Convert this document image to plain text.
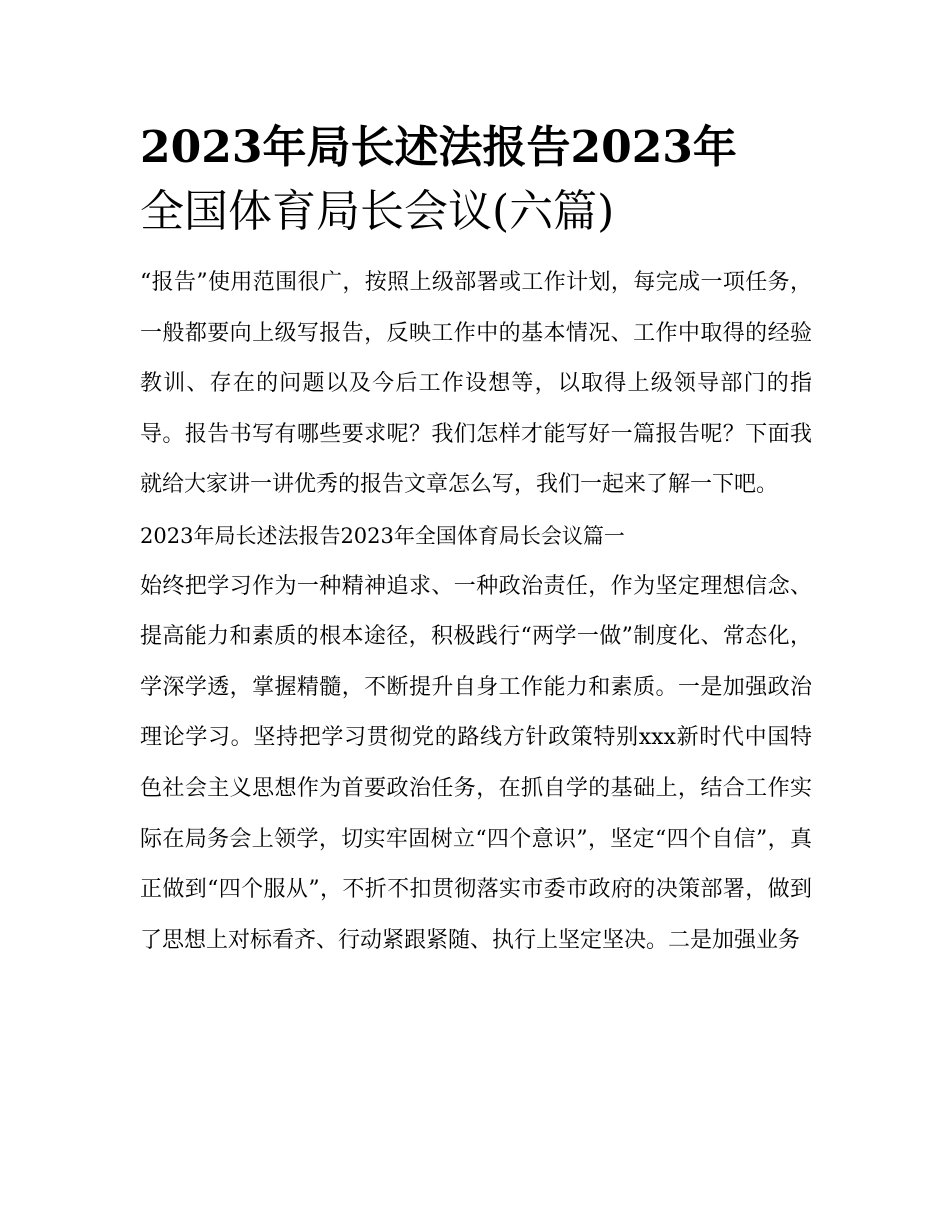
2023年局长述法报告2023年
全国体育局长会议(六篇)

“报告”使用范围很广，按照上级部署或工作计划，每完成一项任务，一般都要向上级写报告，反映工作中的基本情况、工作中取得的经验教训、存在的问题以及今后工作设想等，以取得上级领导部门的指导。报告书写有哪些要求呢？我们怎样才能写好一篇报告呢？下面我就给大家讲一讲优秀的报告文章怎么写，我们一起来了解一下吧。

2023年局长述法报告2023年全国体育局长会议篇一

始终把学习作为一种精神追求、一种政治责任，作为坚定理想信念、提高能力和素质的根本途径，积极践行“两学一做”制度化、常态化，学深学透，掌握精髓，不断提升自身工作能力和素质。一是加强政治理论学习。坚持把学习贯彻党的路线方针政策特别xxx新时代中国特色社会主义思想作为首要政治任务，在抓自学的基础上，结合工作实际在局务会上领学，切实牢固树立“四个意识”，坚定“四个自信”，真正做到“四个服从”，不折不扣贯彻落实市委市政府的决策部署，做到了思想上对标看齐、行动紧跟紧随、执行上坚定坚决。二是加强业务
